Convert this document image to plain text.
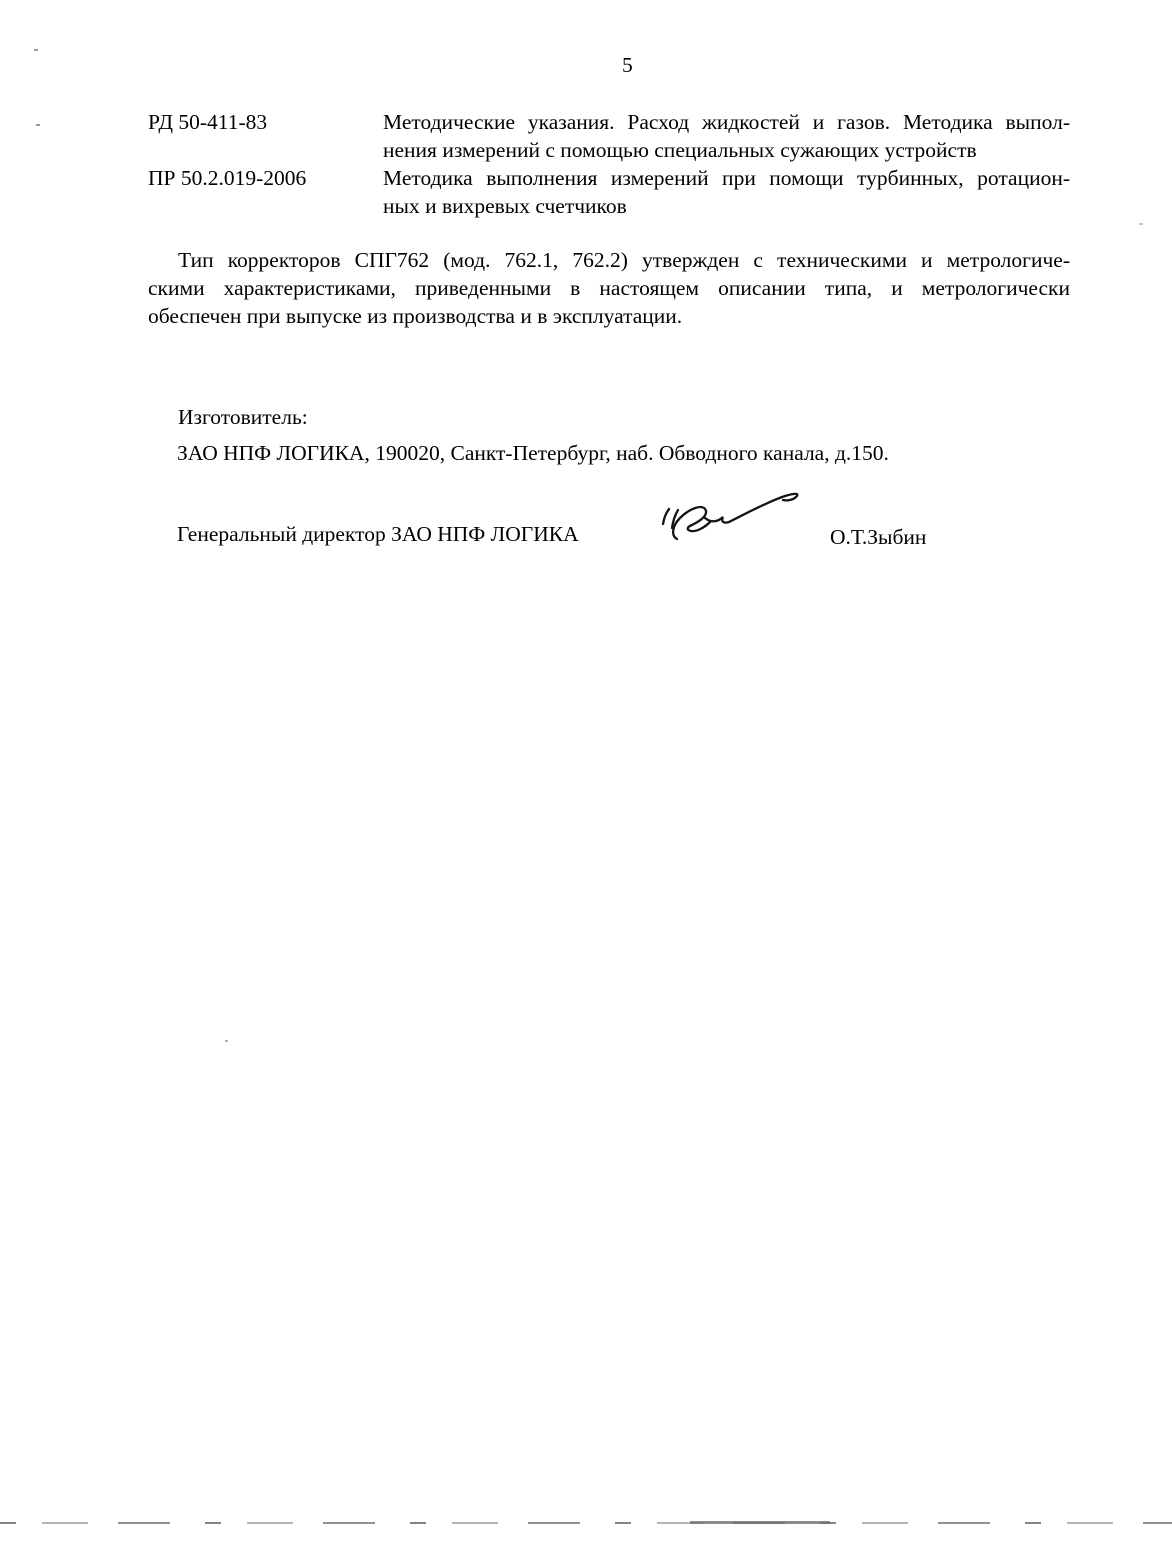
5
РД 50-411-83	Методические указания. Расход жидкостей и газов. Методика выпол-
нения измерений с помощью специальных сужающих устройств
ПР 50.2.019-2006	Методика выполнения измерений при помощи турбинных, ротацион-
ных и вихревых счетчиков
Тип корректоров СПГ762 (мод. 762.1, 762.2) утвержден с техническими и метрологиче-
скими характеристиками, приведенными в настоящем описании типа, и метрологически
обеспечен при выпуске из производства и в эксплуатации.
Изготовитель:
ЗАО НПФ ЛОГИКА, 190020, Санкт-Петербург, наб. Обводного канала, д.150.
Генеральный директор ЗАО НПФ ЛОГИКА	О.Т.Зыбин
